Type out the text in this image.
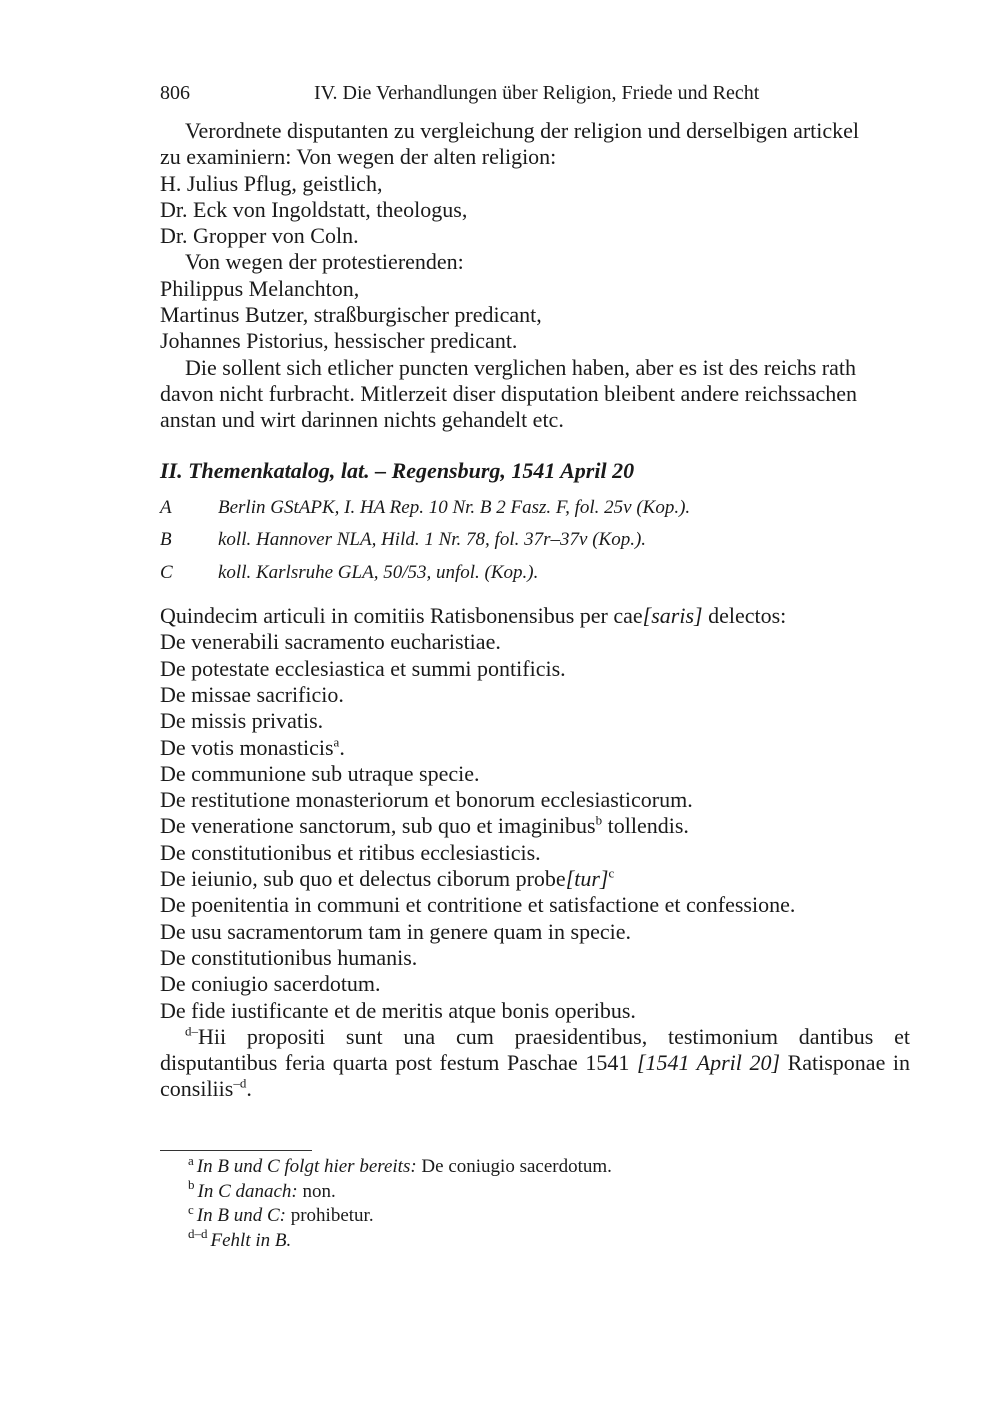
806	IV. Die Verhandlungen über Religion, Friede und Recht
Verordnete disputanten zu vergleichung der religion und derselbigen artickel
zu examiniern: Von wegen der alten religion:
H. Julius Pflug, geistlich,
Dr. Eck von Ingoldstatt, theologus,
Dr. Gropper von Coln.
Von wegen der protestierenden:
Philippus Melanchton,
Martinus Butzer, straßburgischer predicant,
Johannes Pistorius, hessischer predicant.
Die sollent sich etlicher puncten verglichen haben, aber es ist des reichs rath
davon nicht furbracht. Mitlerzeit diser disputation bleibent andere reichssachen
anstan und wirt darinnen nichts gehandelt etc.
II. Themenkatalog, lat. – Regensburg, 1541 April 20
A	Berlin GStAPK, I. HA Rep. 10 Nr. B 2 Fasz. F, fol. 25v (Kop.).
B	koll. Hannover NLA, Hild. 1 Nr. 78, fol. 37r–37v (Kop.).
C	koll. Karlsruhe GLA, 50/53, unfol. (Kop.).
Quindecim articuli in comitiis Ratisbonensibus per cae[saris] delectos:
De venerabili sacramento eucharistiae.
De potestate ecclesiastica et summi pontificis.
De missae sacrificio.
De missis privatis.
De votis monasticis$^a$.
De communione sub utraque specie.
De restitutione monasteriorum et bonorum ecclesiasticorum.
De veneratione sanctorum, sub quo et imaginibus$^b$ tollendis.
De constitutionibus et ritibus ecclesiasticis.
De ieiunio, sub quo et delectus ciborum probe[tur]$^c$
De poenitentia in communi et contritione et satisfactione et confessione.
De usu sacramentorum tam in genere quam in specie.
De constitutionibus humanis.
De coniugio sacerdotum.
De fide iustificante et de meritis atque bonis operibus.
$^{d-}$Hii propositi sunt una cum praesidentibus, testimonium dantibus et disputantibus feria quarta post festum Paschae 1541 [1541 April 20] Ratisponae in consiliis$^{-d}$.
$^a$ In B und C folgt hier bereits: De coniugio sacerdotum.
$^b$ In C danach: non.
$^c$ In B und C: prohibetur.
$^{d-d}$ Fehlt in B.
